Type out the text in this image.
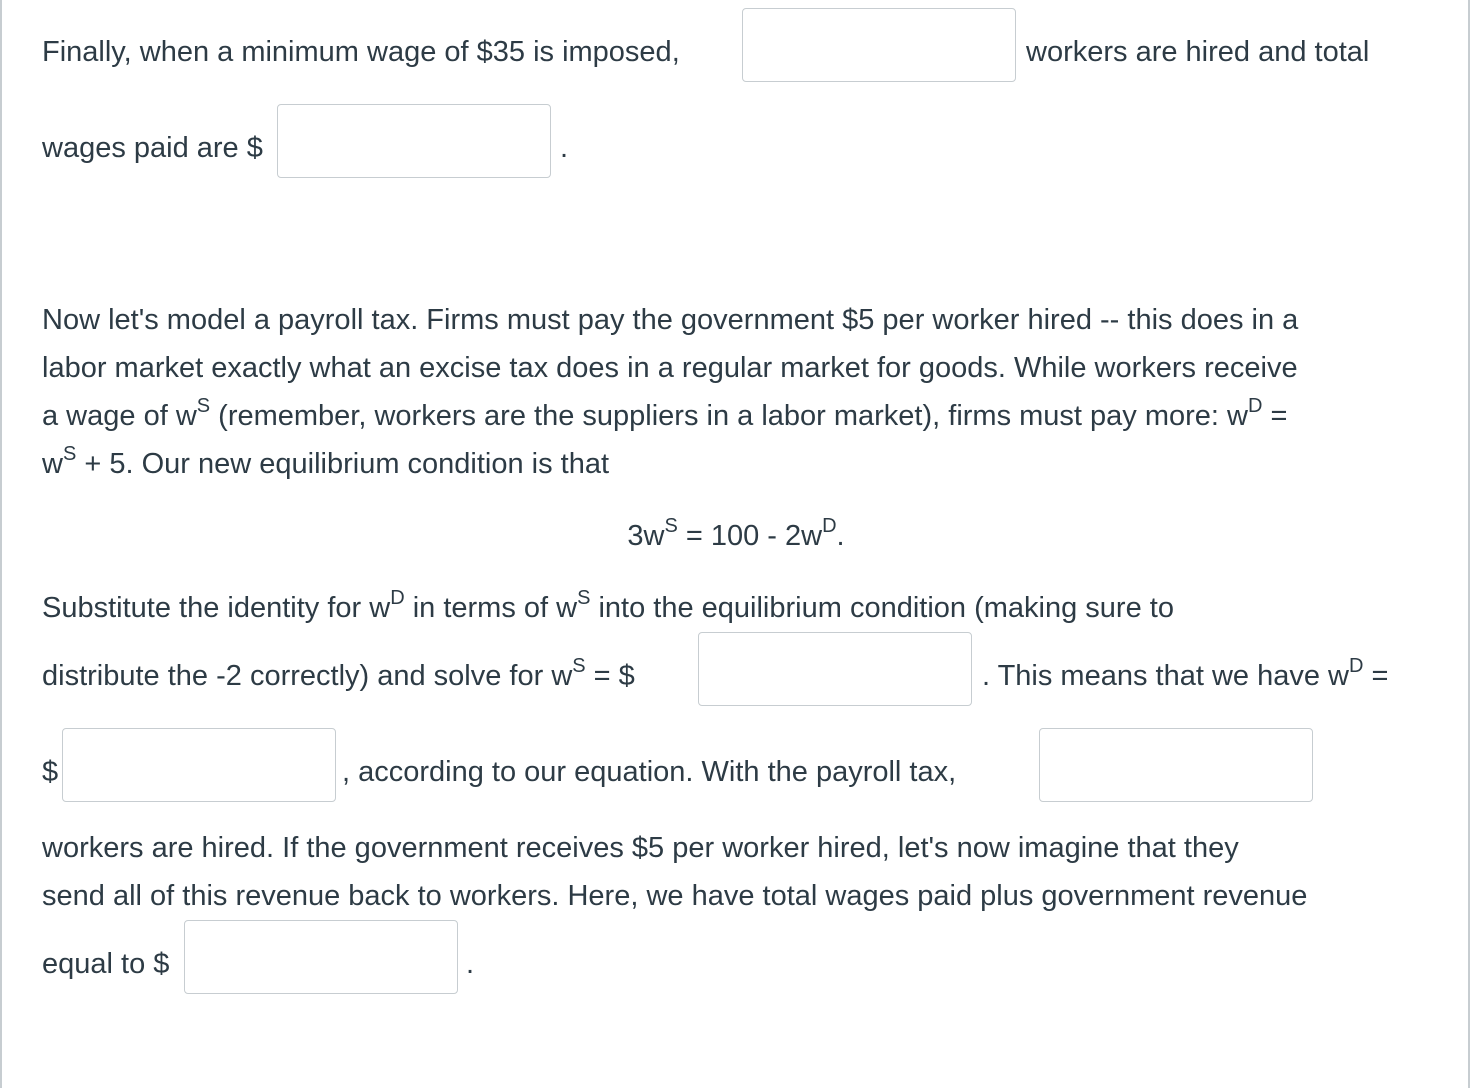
Finally, when a minimum wage of $35 is imposed,	workers are hired and total
wages paid are $	.
Now let's model a payroll tax. Firms must pay the government $5 per worker hired -- this does in a
labor market exactly what an excise tax does in a regular market for goods. While workers receive
a wage of $w^S$ (remember, workers are the suppliers in a labor market), firms must pay more: $w^D$ =
$w^S + 5$. Our new equilibrium condition is that
$3w^S = 100 - 2w^D$.
Substitute the identity for $w^D$ in terms of $w^S$ into the equilibrium condition (making sure to
distribute the -2 correctly) and solve for $w^S$ = $	. This means that we have $w^D$ =
$	, according to our equation. With the payroll tax,
workers are hired. If the government receives $5 per worker hired, let's now imagine that they
send all of this revenue back to workers. Here, we have total wages paid plus government revenue
equal to $	.
